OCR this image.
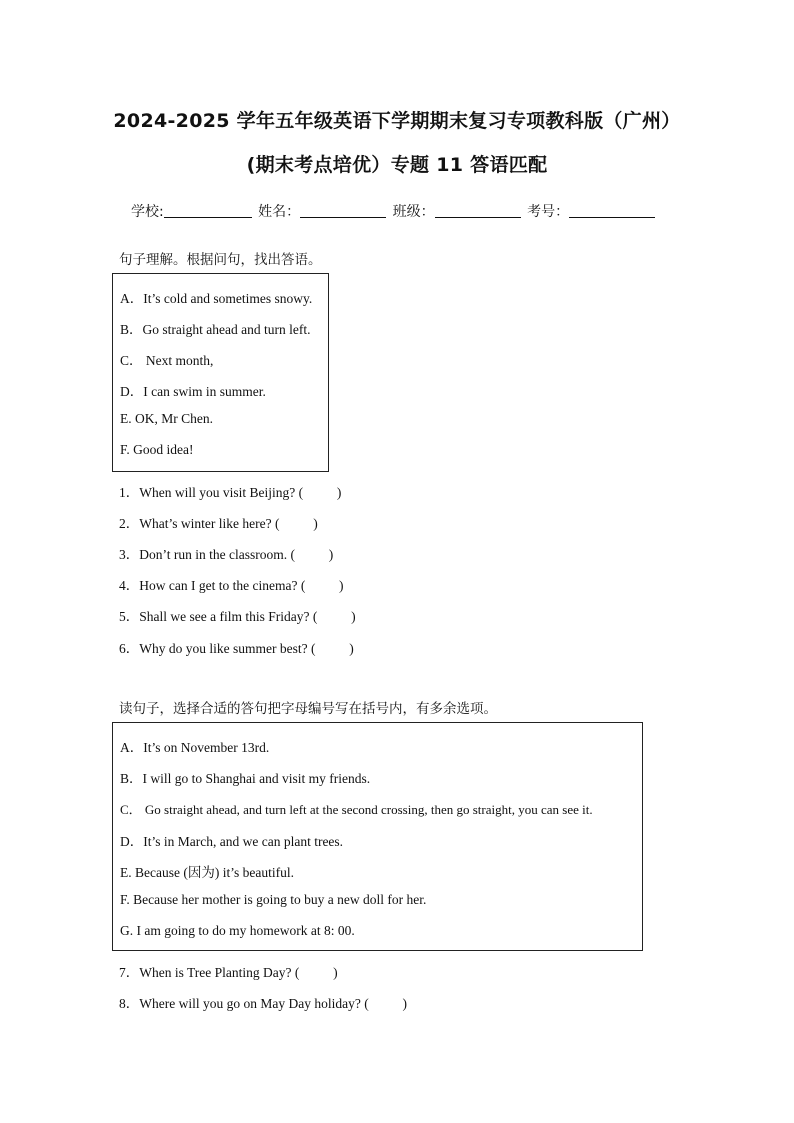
2024-2025 学年五年级英语下学期期末复习专项教科版（广州）
(期末考点培优）专题 11 答语匹配
学校:	姓名：	班级：	考号：
句子理解。根据问句，找出答语。
A．It’s cold and sometimes snowy.
B．Go straight ahead and turn left.
C． Next month,
D．I can swim in summer.
E. OK, Mr Chen.
F. Good idea!
1．When will you visit Beijing? (          )
2．What’s winter like here? (          )
3．Don’t run in the classroom. (          )
4．How can I get to the cinema? (          )
5．Shall we see a film this Friday? (          )
6．Why do you like summer best? (          )
读句子，选择合适的答句把字母编号写在括号内，有多余选项。
A．It’s on November 13rd.
B．I will go to Shanghai and visit my friends.
C． Go straight ahead, and turn left at the second crossing, then go straight, you can see it.
D．It’s in March, and we can plant trees.
E. Because (因为) it’s beautiful.
F. Because her mother is going to buy a new doll for her.
G. I am going to do my homework at 8: 00.
7．When is Tree Planting Day? (          )
8．Where will you go on May Day holiday? (          )
